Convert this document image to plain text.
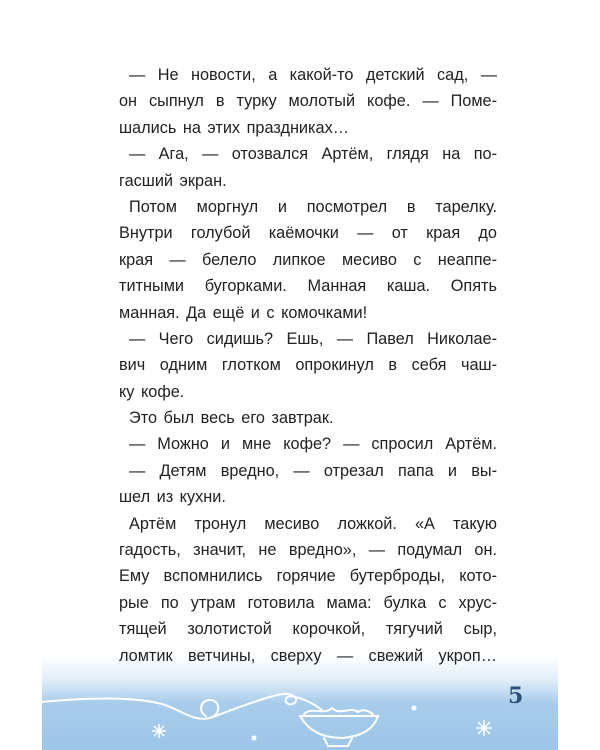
— Не новости, а какой-то детский сад, —
он сыпнул в турку молотый кофе. — Поме-
шались на этих праздниках…
— Ага, — отозвался Артём, глядя на по-
гасший экран.
Потом моргнул и посмотрел в тарелку.
Внутри голубой каёмочки — от края до
края — белело липкое месиво с неаппе-
титными бугорками. Манная каша. Опять
манная. Да ещё и с комочками!
— Чего сидишь? Ешь, — Павел Николае-
вич одним глотком опрокинул в себя чаш-
ку кофе.
Это был весь его завтрак.
— Можно и мне кофе? — спросил Артём.
— Детям вредно, — отрезал папа и вы-
шел из кухни.
Артём тронул месиво ложкой. «А такую
гадость, значит, не вредно», — подумал он.
Ему вспомнились горячие бутерброды, кото-
рые по утрам готовила мама: булка с хрус-
тящей золотистой корочкой, тягучий сыр,
ломтик ветчины, сверху — свежий укроп…
5
